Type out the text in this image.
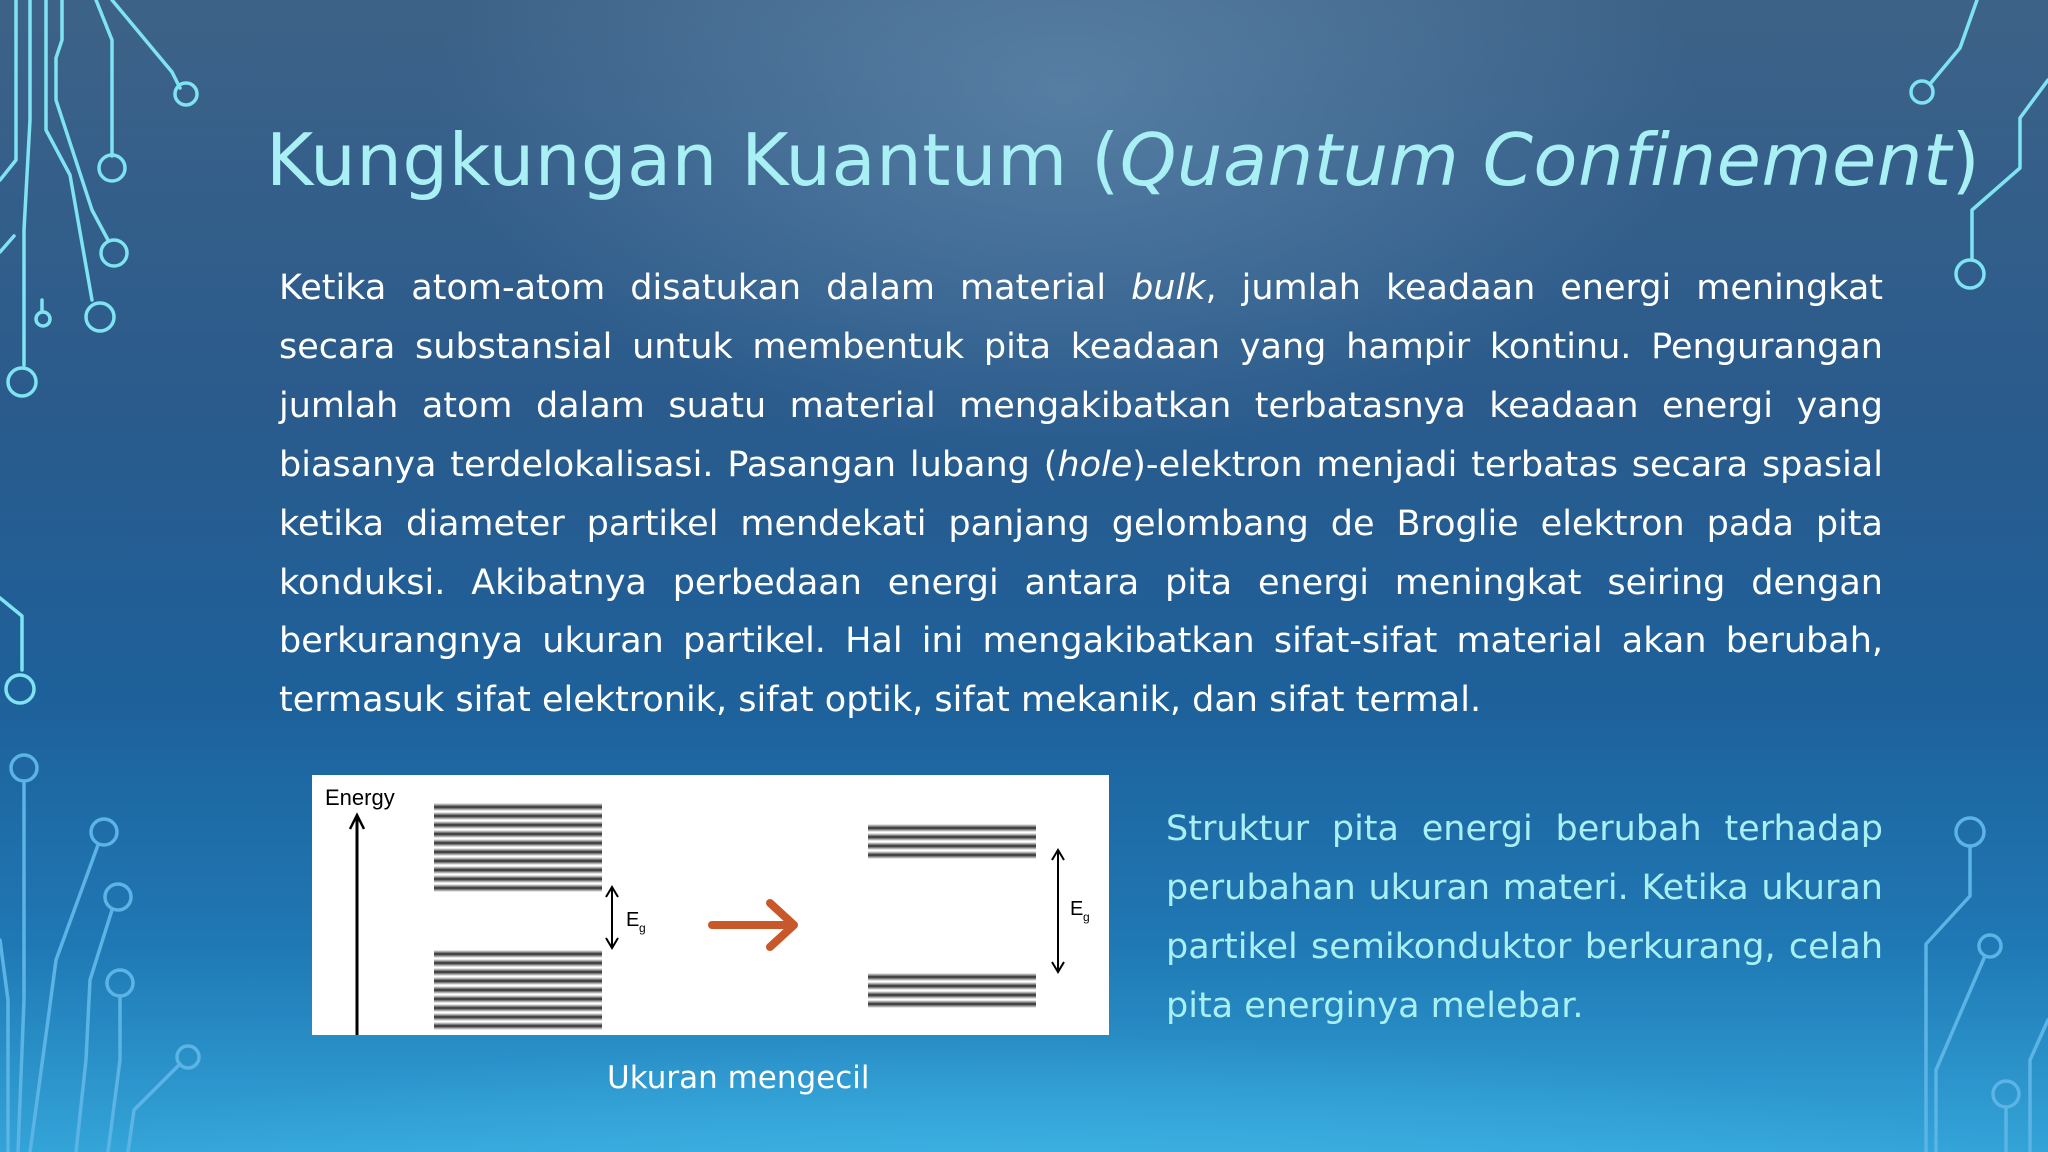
Kungkungan Kuantum (Quantum Confinement)

Ketika atom-atom disatukan dalam material bulk, jumlah keadaan energi meningkat secara substansial untuk membentuk pita keadaan yang hampir kontinu. Pengurangan jumlah atom dalam suatu material mengakibatkan terbatasnya keadaan energi yang biasanya terdelokalisasi. Pasangan lubang (hole)-elektron menjadi terbatas secara spasial ketika diameter partikel mendekati panjang gelombang de Broglie elektron pada pita konduksi. Akibatnya perbedaan energi antara pita energi meningkat seiring dengan berkurangnya ukuran partikel. Hal ini mengakibatkan sifat-sifat material akan berubah, termasuk sifat elektronik, sifat optik, sifat mekanik, dan sifat termal.

Energy
E g
E g

Ukuran mengecil

Struktur pita energi berubah terhadap perubahan ukuran materi. Ketika ukuran partikel semikonduktor berkurang, celah pita energinya melebar.
